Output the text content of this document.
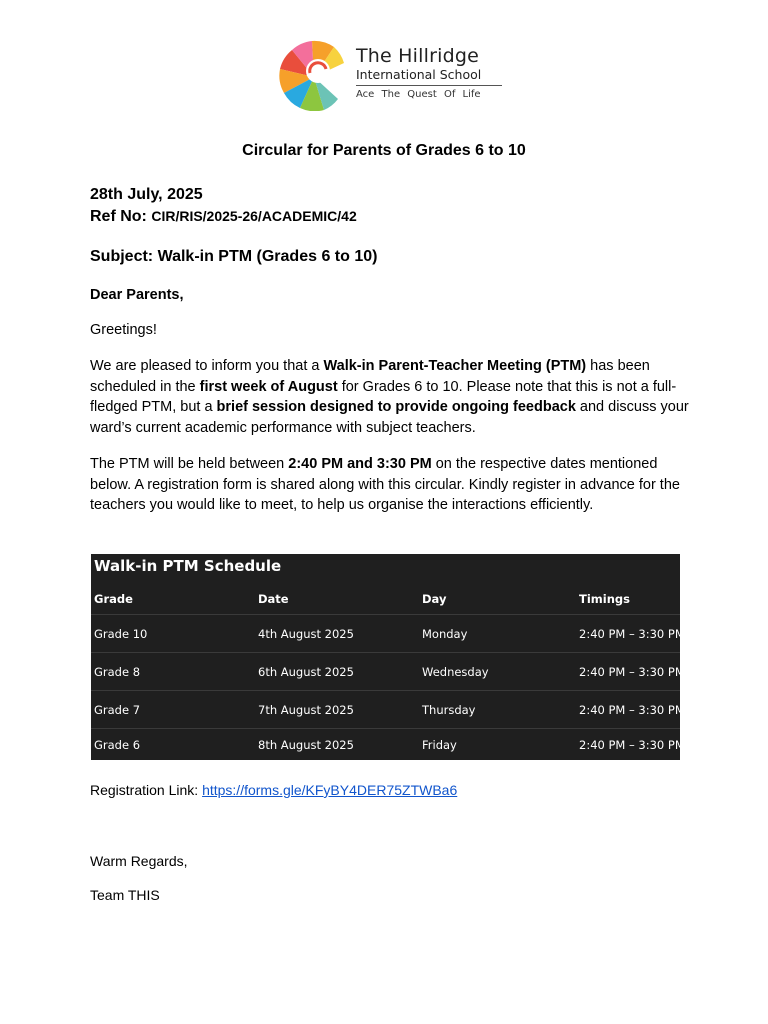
The Hillridge
International School
Ace The Quest Of Life
Circular for Parents of Grades 6 to 10
28th July, 2025
Ref No: CIR/RIS/2025-26/ACADEMIC/42
Subject: Walk-in PTM (Grades 6 to 10)
Dear Parents,
Greetings!
We are pleased to inform you that a Walk-in Parent-Teacher Meeting (PTM) has been scheduled in the first week of August for Grades 6 to 10. Please note that this is not a full-fledged PTM, but a brief session designed to provide ongoing feedback and discuss your ward’s current academic performance with subject teachers.
The PTM will be held between 2:40 PM and 3:30 PM on the respective dates mentioned below. A registration form is shared along with this circular. Kindly register in advance for the teachers you would like to meet, to help us organise the interactions efficiently.
Walk-in PTM Schedule
Grade	Date	Day	Timings
Grade 10	4th August 2025	Monday	2:40 PM – 3:30 PM
Grade 8	6th August 2025	Wednesday	2:40 PM – 3:30 PM
Grade 7	7th August 2025	Thursday	2:40 PM – 3:30 PM
Grade 6	8th August 2025	Friday	2:40 PM – 3:30 PM
Registration Link: https://forms.gle/KFyBY4DER75ZTWBa6
Warm Regards,
Team THIS
